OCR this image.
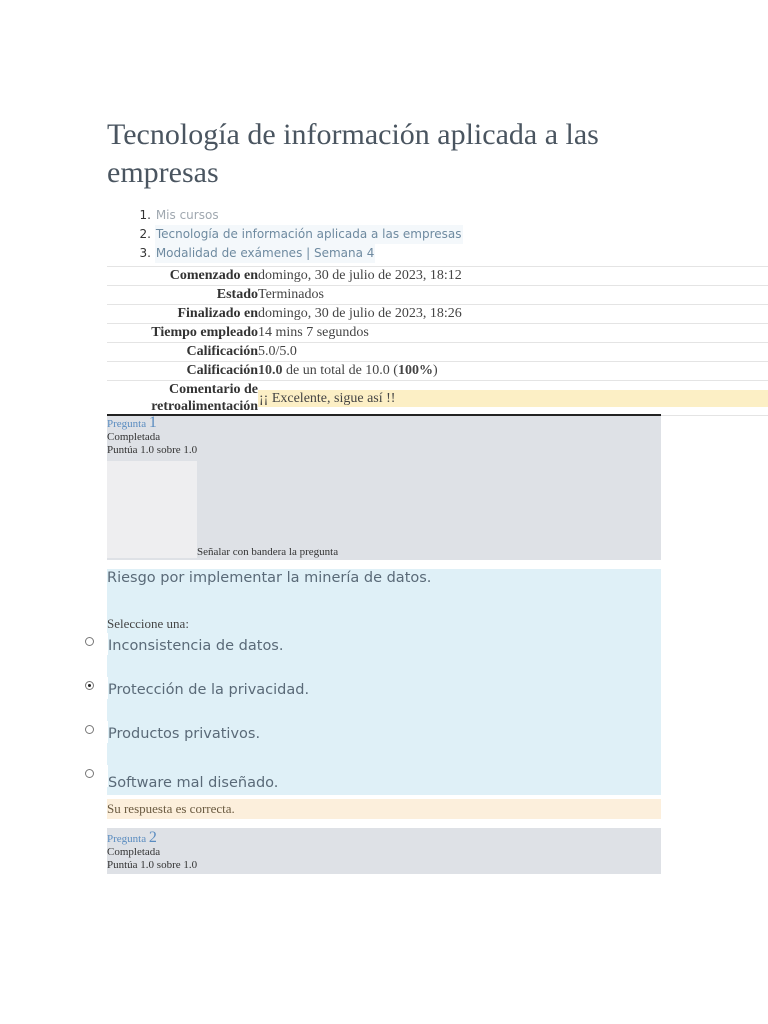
Tecnología de información aplicada a las empresas
1.
Mis cursos
2.
Tecnología de información aplicada a las empresas
3.
Modalidad de exámenes | Semana 4
Comenzado en domingo, 30 de julio de 2023, 18:12
Estado Terminados
Finalizado en domingo, 30 de julio de 2023, 18:26
Tiempo empleado 14 mins 7 segundos
Calificación 5.0/5.0
Calificación 10.0 de un total de 10.0 (100%)
Comentario de
retroalimentación
¡¡ Excelente, sigue así !!
Pregunta 1
Completada
Puntúa 1.0 sobre 1.0
Señalar con bandera la pregunta
Riesgo por implementar la minería de datos.
Seleccione una:
Inconsistencia de datos.
Protección de la privacidad.
Productos privativos.
Software mal diseñado.
Su respuesta es correcta.
Pregunta 2
Completada
Puntúa 1.0 sobre 1.0
